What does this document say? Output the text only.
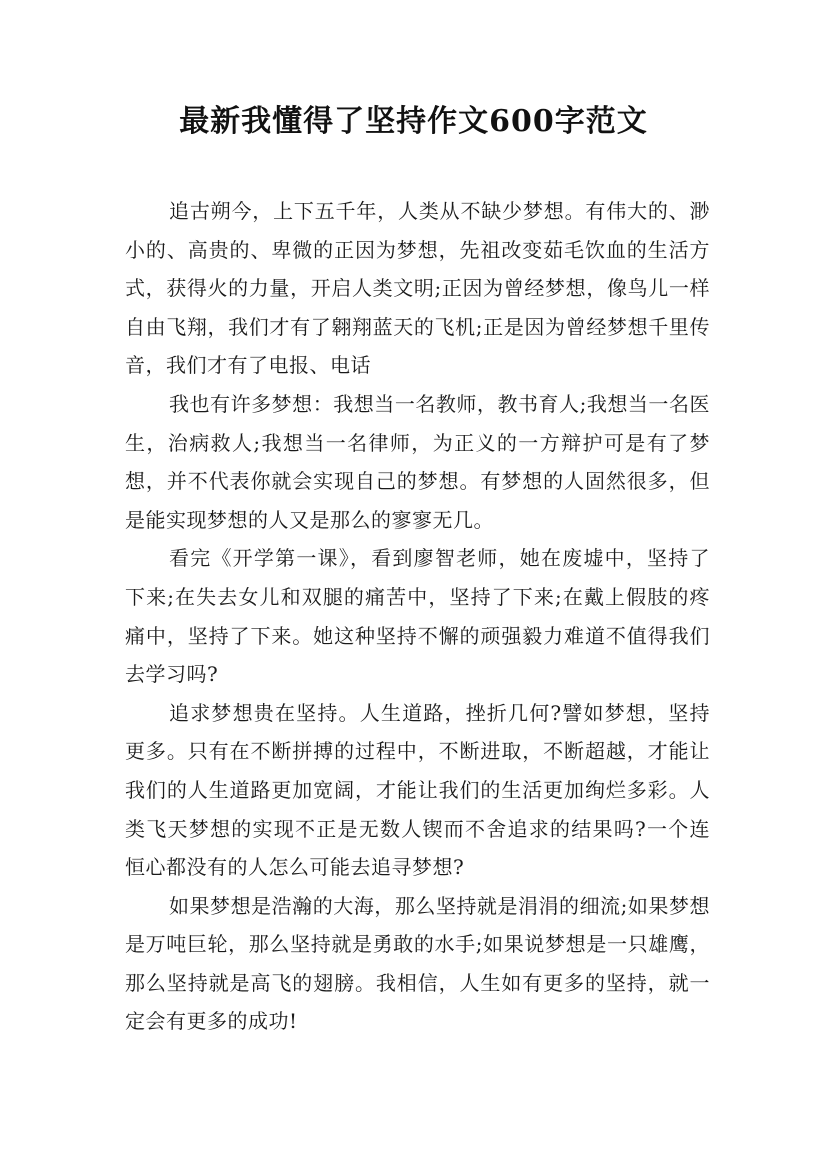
最新我懂得了坚持作文600字范文

追古朔今，上下五千年，人类从不缺少梦想。有伟大的、渺小的、高贵的、卑微的正因为梦想，先祖改变茹毛饮血的生活方式，获得火的力量，开启人类文明;正因为曾经梦想，像鸟儿一样自由飞翔，我们才有了翱翔蓝天的飞机;正是因为曾经梦想千里传音，我们才有了电报、电话

我也有许多梦想：我想当一名教师，教书育人;我想当一名医生，治病救人;我想当一名律师，为正义的一方辩护可是有了梦想，并不代表你就会实现自己的梦想。有梦想的人固然很多，但是能实现梦想的人又是那么的寥寥无几。

看完《开学第一课》，看到廖智老师，她在废墟中，坚持了下来;在失去女儿和双腿的痛苦中，坚持了下来;在戴上假肢的疼痛中，坚持了下来。她这种坚持不懈的顽强毅力难道不值得我们去学习吗?

追求梦想贵在坚持。人生道路，挫折几何?譬如梦想，坚持更多。只有在不断拼搏的过程中，不断进取，不断超越，才能让我们的人生道路更加宽阔，才能让我们的生活更加绚烂多彩。人类飞天梦想的实现不正是无数人锲而不舍追求的结果吗?一个连恒心都没有的人怎么可能去追寻梦想?

如果梦想是浩瀚的大海，那么坚持就是涓涓的细流;如果梦想是万吨巨轮，那么坚持就是勇敢的水手;如果说梦想是一只雄鹰，那么坚持就是高飞的翅膀。我相信，人生如有更多的坚持，就一定会有更多的成功!
